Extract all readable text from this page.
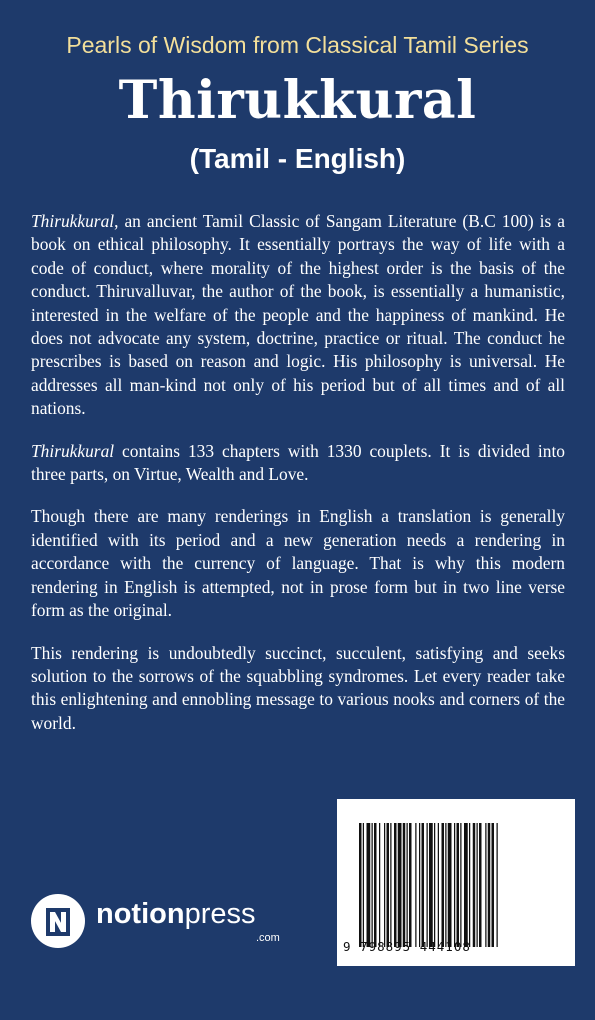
Pearls of Wisdom from Classical Tamil Series
Thirukkural
(Tamil - English)

Thirukkural, an ancient Tamil Classic of Sangam Literature (B.C 100) is a book on ethical philosophy. It essentially portrays the way of life with a code of conduct, where morality of the highest order is the basis of the conduct. Thiruvalluvar, the author of the book, is essentially a humanistic, interested in the welfare of the people and the happiness of mankind. He does not advocate any system, doctrine, practice or ritual. The conduct he prescribes is based on reason and logic. His philosophy is universal. He addresses all man-kind not only of his period but of all times and of all nations.

Thirukkural contains 133 chapters with 1330 couplets. It is divided into three parts, on Virtue, Wealth and Love.

Though there are many renderings in English a translation is generally identified with its period and a new generation needs a rendering in accordance with the currency of language. That is why this modern rendering in English is attempted, not in prose form but in two line verse form as the original.

This rendering is undoubtedly succinct, succulent, satisfying and seeks solution to the sorrows of the squabbling syndromes. Let every reader take this enlightening and ennobling message to various nooks and corners of the world.

9 798895 444108
notionpress
.com
